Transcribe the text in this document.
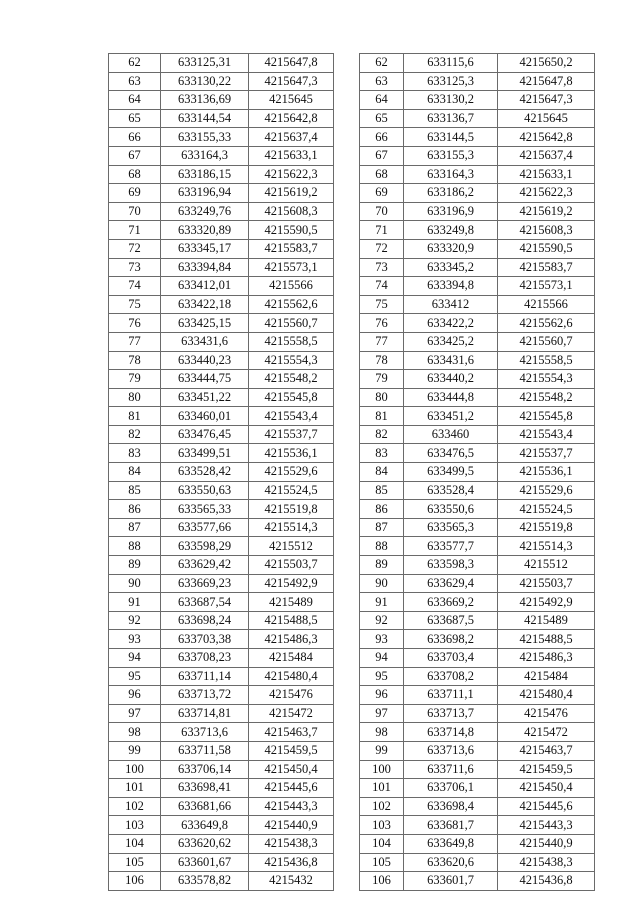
62	633125,31	4215647,8
63	633130,22	4215647,3
64	633136,69	4215645
65	633144,54	4215642,8
66	633155,33	4215637,4
67	633164,3	4215633,1
68	633186,15	4215622,3
69	633196,94	4215619,2
70	633249,76	4215608,3
71	633320,89	4215590,5
72	633345,17	4215583,7
73	633394,84	4215573,1
74	633412,01	4215566
75	633422,18	4215562,6
76	633425,15	4215560,7
77	633431,6	4215558,5
78	633440,23	4215554,3
79	633444,75	4215548,2
80	633451,22	4215545,8
81	633460,01	4215543,4
82	633476,45	4215537,7
83	633499,51	4215536,1
84	633528,42	4215529,6
85	633550,63	4215524,5
86	633565,33	4215519,8
87	633577,66	4215514,3
88	633598,29	4215512
89	633629,42	4215503,7
90	633669,23	4215492,9
91	633687,54	4215489
92	633698,24	4215488,5
93	633703,38	4215486,3
94	633708,23	4215484
95	633711,14	4215480,4
96	633713,72	4215476
97	633714,81	4215472
98	633713,6	4215463,7
99	633711,58	4215459,5
100	633706,14	4215450,4
101	633698,41	4215445,6
102	633681,66	4215443,3
103	633649,8	4215440,9
104	633620,62	4215438,3
105	633601,67	4215436,8
106	633578,82	4215432
62	633115,6	4215650,2
63	633125,3	4215647,8
64	633130,2	4215647,3
65	633136,7	4215645
66	633144,5	4215642,8
67	633155,3	4215637,4
68	633164,3	4215633,1
69	633186,2	4215622,3
70	633196,9	4215619,2
71	633249,8	4215608,3
72	633320,9	4215590,5
73	633345,2	4215583,7
74	633394,8	4215573,1
75	633412	4215566
76	633422,2	4215562,6
77	633425,2	4215560,7
78	633431,6	4215558,5
79	633440,2	4215554,3
80	633444,8	4215548,2
81	633451,2	4215545,8
82	633460	4215543,4
83	633476,5	4215537,7
84	633499,5	4215536,1
85	633528,4	4215529,6
86	633550,6	4215524,5
87	633565,3	4215519,8
88	633577,7	4215514,3
89	633598,3	4215512
90	633629,4	4215503,7
91	633669,2	4215492,9
92	633687,5	4215489
93	633698,2	4215488,5
94	633703,4	4215486,3
95	633708,2	4215484
96	633711,1	4215480,4
97	633713,7	4215476
98	633714,8	4215472
99	633713,6	4215463,7
100	633711,6	4215459,5
101	633706,1	4215450,4
102	633698,4	4215445,6
103	633681,7	4215443,3
104	633649,8	4215440,9
105	633620,6	4215438,3
106	633601,7	4215436,8
